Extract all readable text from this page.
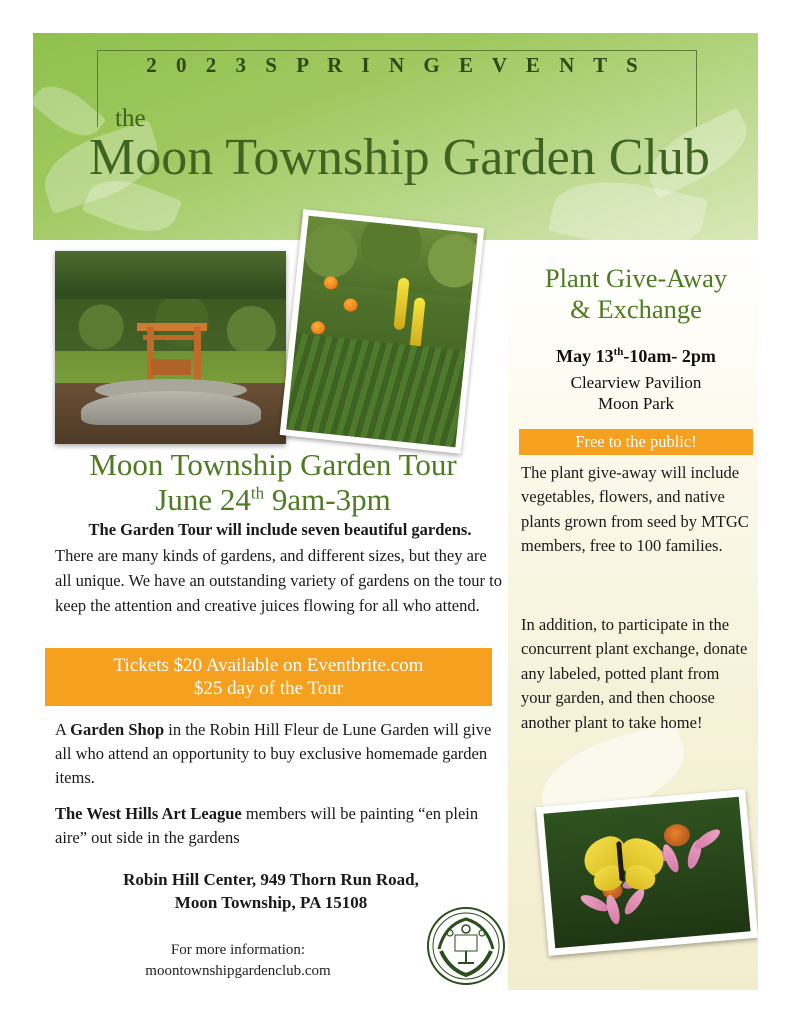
2 0 2 3 S P R I N G E V E N T S
the
Moon Township Garden Club
Moon Township Garden Tour
June 24th 9am-3pm
The Garden Tour will include seven beautiful gardens.
There are many kinds of gardens, and different sizes, but they are all unique. We have an outstanding variety of gardens on the tour to keep the attention and creative juices flowing for all who attend.
Tickets $20 Available on Eventbrite.com
$25 day of the Tour
A Garden Shop in the Robin Hill Fleur de Lune Garden will give all who attend an opportunity to buy exclusive homemade garden items.
The West Hills Art League members will be painting “en plein aire” out side in the gardens
Robin Hill Center, 949 Thorn Run Road,
Moon Township, PA 15108
For more information:
moontownshipgardenclub.com
Plant Give-Away
& Exchange
May 13th-10am- 2pm
Clearview Pavilion
Moon Park
Free to the public!
The plant give-away will include vegetables, flowers, and native plants grown from seed by MTGC members, free to 100 families.
In addition, to participate in the concurrent plant exchange, donate any labeled, potted plant from your garden, and then choose another plant to take home!
